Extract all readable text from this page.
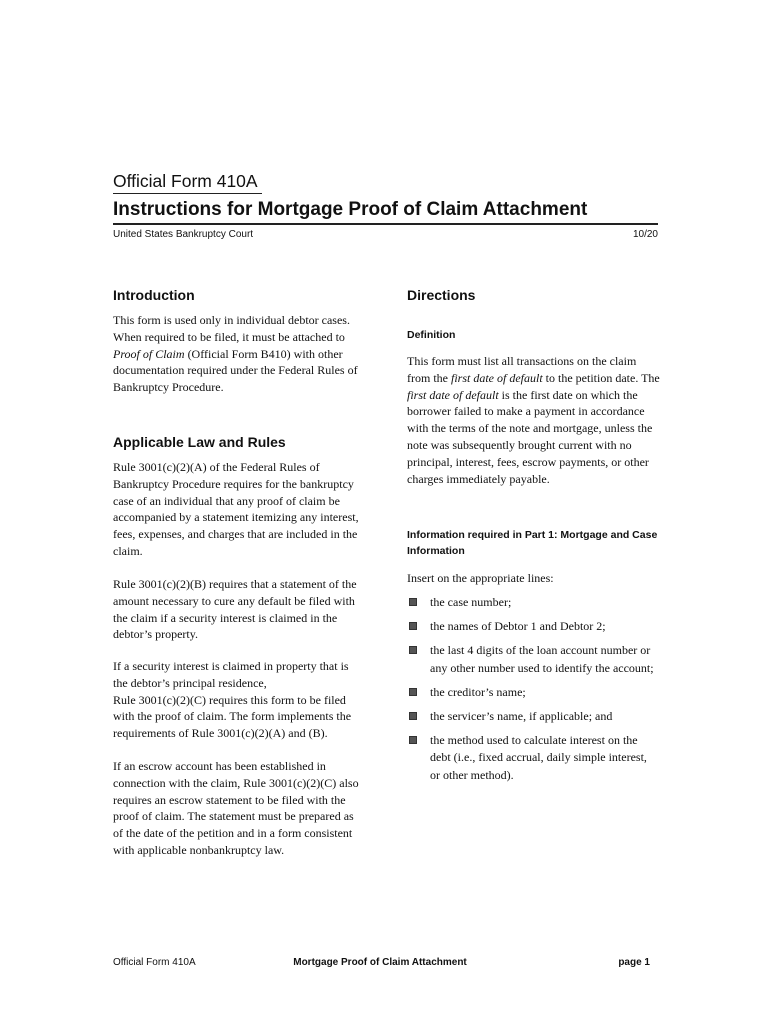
Official Form 410A
Instructions for Mortgage Proof of Claim Attachment
United States Bankruptcy Court	10/20
Introduction
This form is used only in individual debtor cases. When required to be filed, it must be attached to Proof of Claim (Official Form B410) with other documentation required under the Federal Rules of Bankruptcy Procedure.
Applicable Law and Rules
Rule 3001(c)(2)(A) of the Federal Rules of Bankruptcy Procedure requires for the bankruptcy case of an individual that any proof of claim be accompanied by a statement itemizing any interest, fees, expenses, and charges that are included in the claim.
Rule 3001(c)(2)(B) requires that a statement of the amount necessary to cure any default be filed with the claim if a security interest is claimed in the debtor’s property.
If a security interest is claimed in property that is the debtor’s principal residence,
Rule 3001(c)(2)(C) requires this form to be filed with the proof of claim. The form implements the requirements of Rule 3001(c)(2)(A) and (B).
If an escrow account has been established in connection with the claim, Rule 3001(c)(2)(C) also requires an escrow statement to be filed with the proof of claim. The statement must be prepared as of the date of the petition and in a form consistent with applicable nonbankruptcy law.
Directions
Definition
This form must list all transactions on the claim from the first date of default to the petition date. The first date of default is the first date on which the borrower failed to make a payment in accordance with the terms of the note and mortgage, unless the note was subsequently brought current with no principal, interest, fees, escrow payments, or other charges immediately payable.
Information required in Part 1: Mortgage and Case Information
Insert on the appropriate lines:
the case number;
the names of Debtor 1 and Debtor 2;
the last 4 digits of the loan account number or any other number used to identify the account;
the creditor’s name;
the servicer’s name, if applicable; and
the method used to calculate interest on the debt (i.e., fixed accrual, daily simple interest, or other method).
Official Form 410A	Mortgage Proof of Claim Attachment	page 1
